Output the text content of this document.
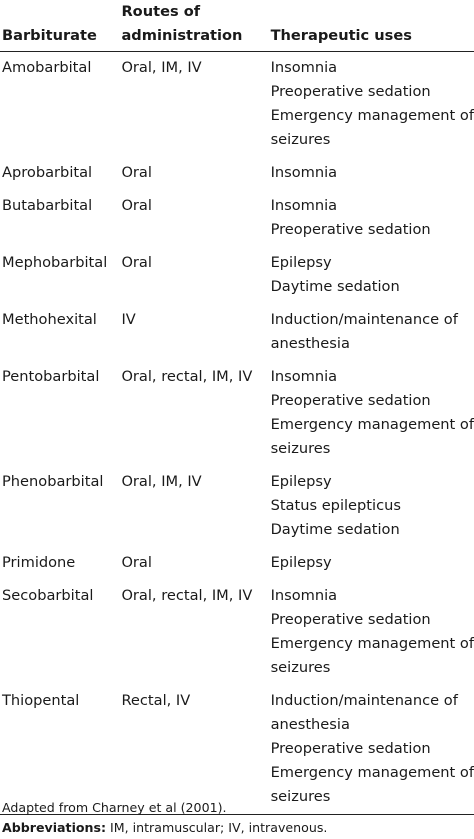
Barbiturate	Routes of
administration	Therapeutic uses

Amobarbital	Oral, IM, IV	Insomnia
Preoperative sedation
Emergency management of
seizures

Aprobarbital	Oral	Insomnia

Butabarbital	Oral	Insomnia
Preoperative sedation

Mephobarbital	Oral	Epilepsy
Daytime sedation

Methohexital	IV	Induction/maintenance of
anesthesia

Pentobarbital	Oral, rectal, IM, IV	Insomnia
Preoperative sedation
Emergency management of
seizures

Phenobarbital	Oral, IM, IV	Epilepsy
Status epilepticus
Daytime sedation

Primidone	Oral	Epilepsy

Secobarbital	Oral, rectal, IM, IV	Insomnia
Preoperative sedation
Emergency management of
seizures

Thiopental	Rectal, IV	Induction/maintenance of
anesthesia
Preoperative sedation
Emergency management of
seizures
Adapted from Charney et al (2001).
Abbreviations: IM, intramuscular; IV, intravenous.
